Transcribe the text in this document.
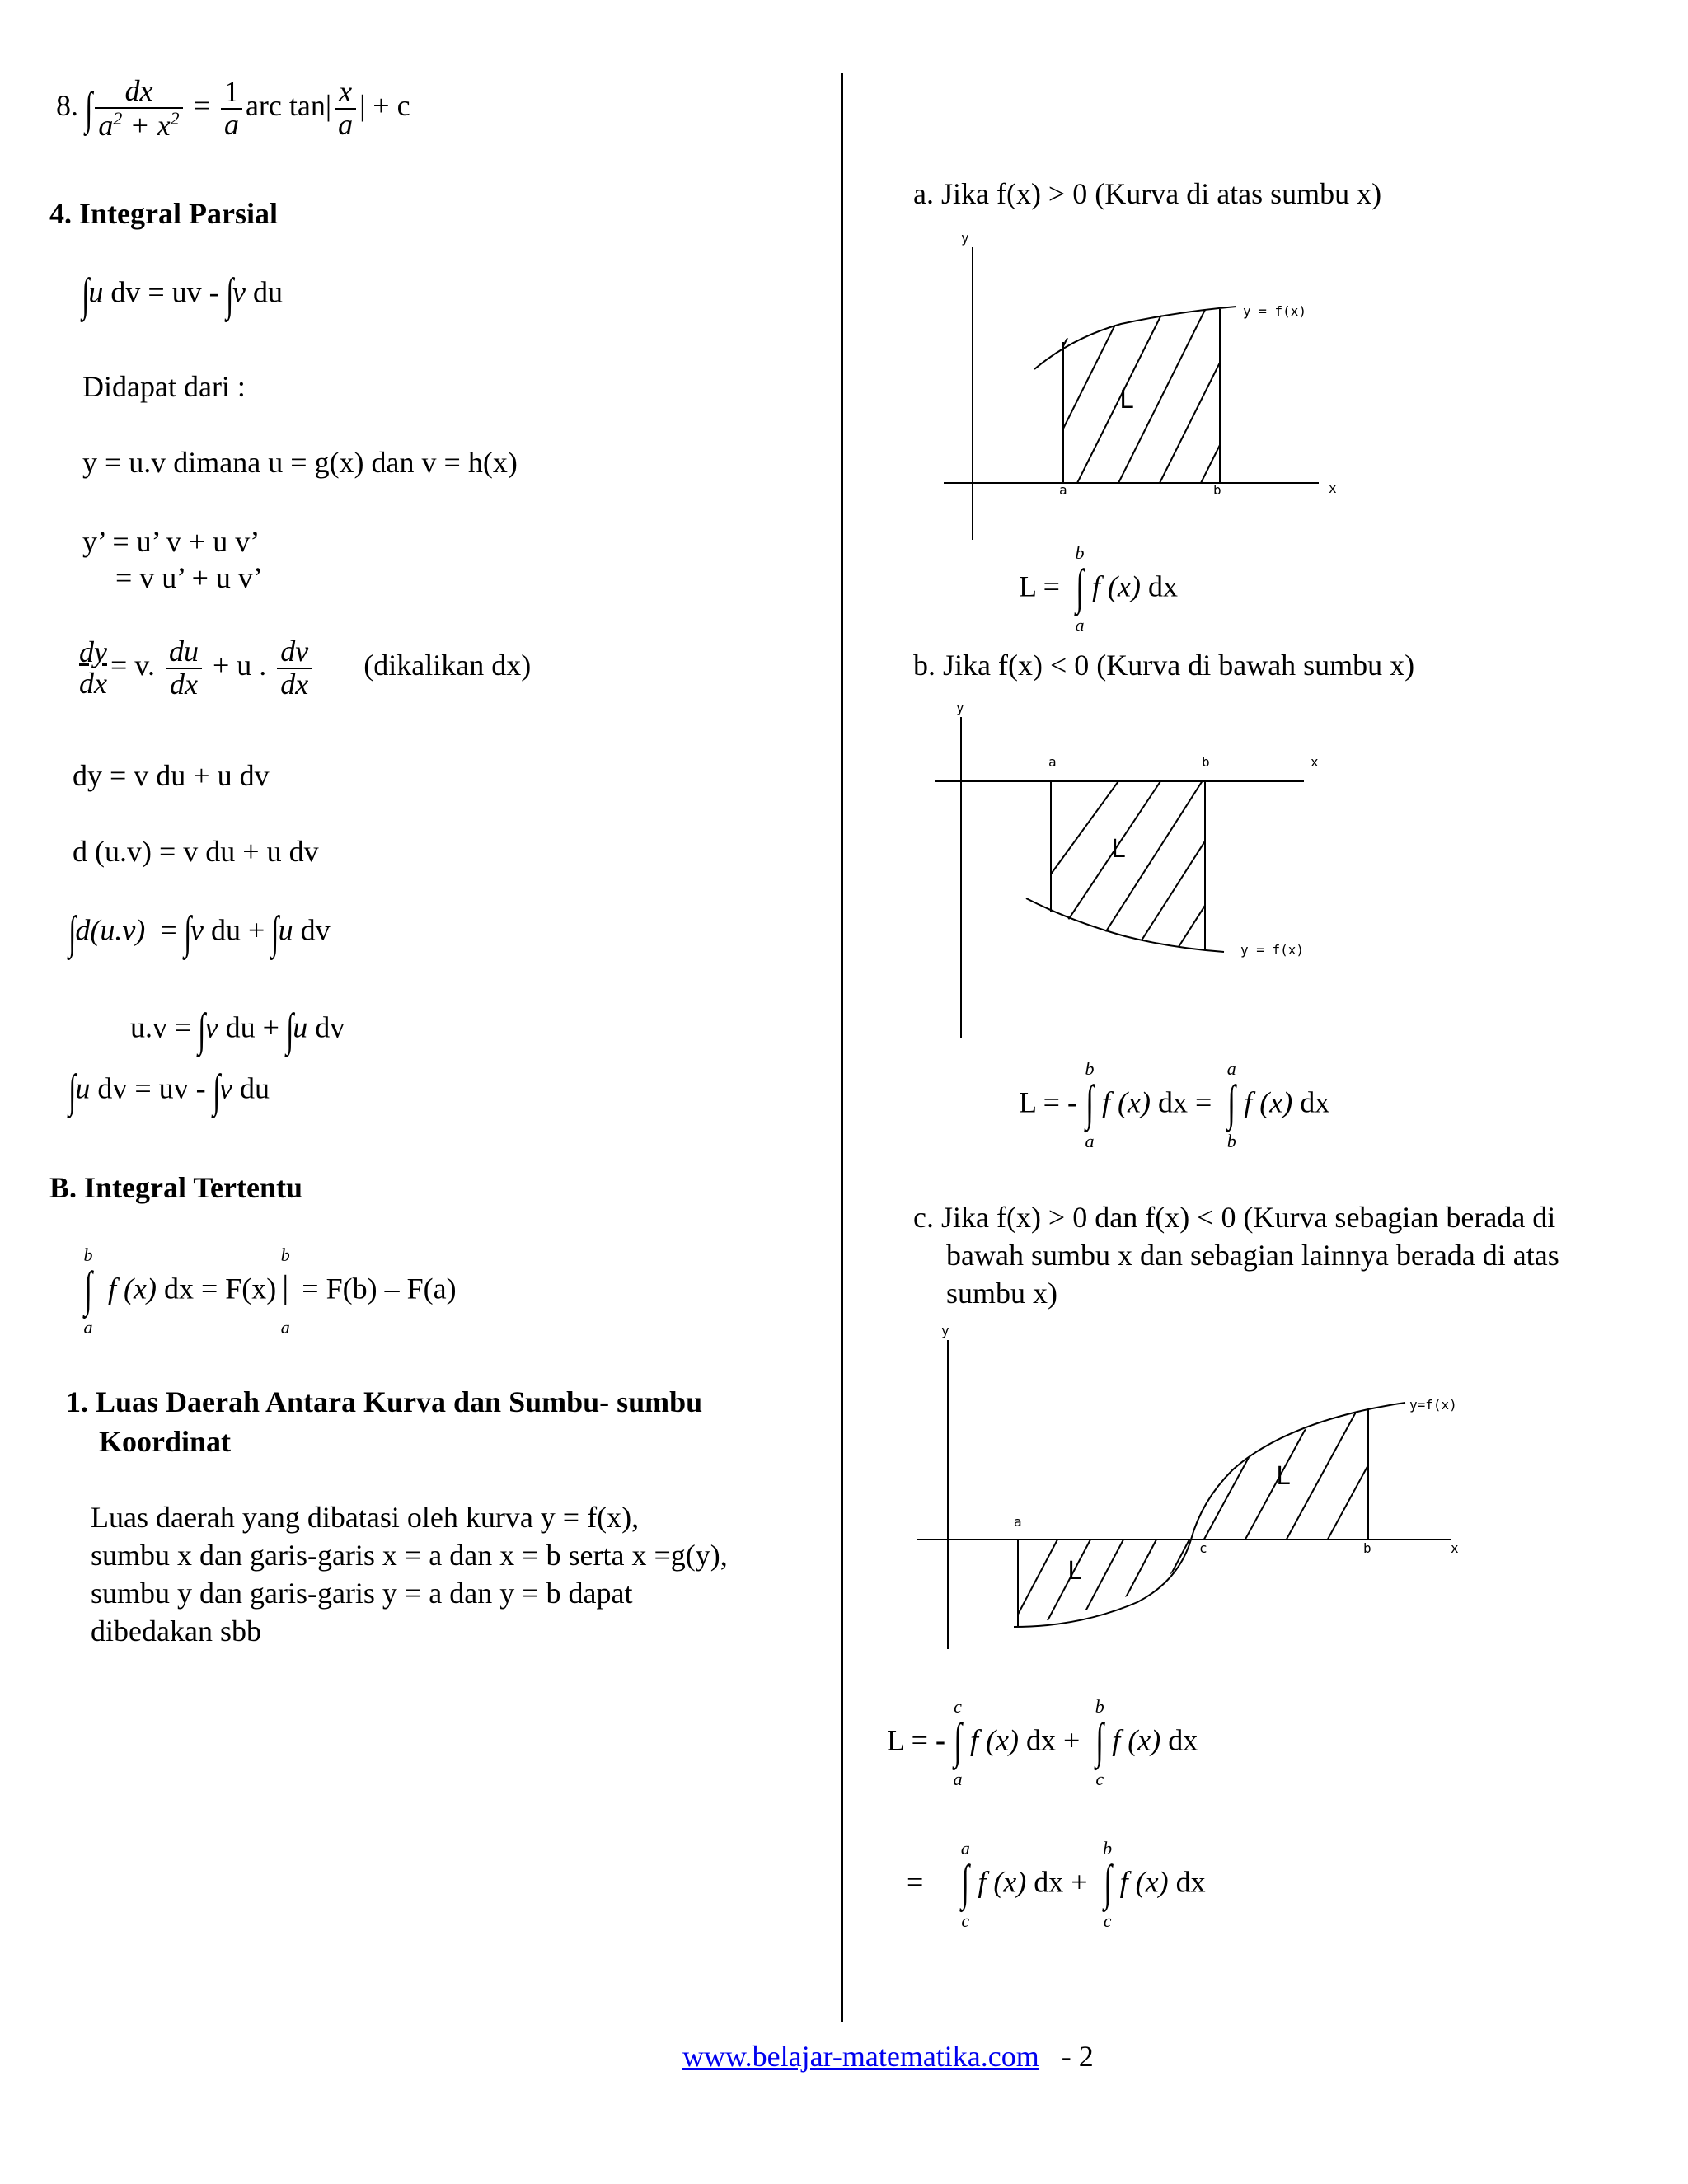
8. ∫ $\frac{dx}{a^2 + x^2} = \frac{1}{a}$ arc $\tan| \frac{x}{a}$ | + c
4. Integral Parsial
∫u dv = uv - ∫v du
Didapat dari :
y = u.v dimana u = g(x) dan v = h(x)
y’ = u’ v + u v’
= v u’ + u v’
$\frac{dy}{dx} = v$. $\frac{du}{dx} + u$ . $\frac{dv}{dx}$ (dikalikan dx)
dy = v du + u dv
d (u.v) = v du + u dv
∫d(u.v) = ∫v du + ∫u dv
u.v = ∫v du + ∫u dv
∫u dv = uv - ∫v du
B. Integral Tertentu
b
∫
a
f (x) dx = F(x)
b
|
a
= F(b) – F(a)
1. Luas Daerah Antara Kurva dan Sumbu- sumbu
Koordinat
Luas daerah yang dibatasi oleh kurva y = f(x),
sumbu x dan garis-garis x = a dan x = b serta x =g(y),
sumbu y dan garis-garis y = a dan y = b dapat
dibedakan sbb
a. Jika f(x) > 0 (Kurva di atas sumbu x)
y
x
a	b
L
y = f(x)
L =
b
∫
a
f (x) dx
b. Jika f(x) < 0 (Kurva di bawah sumbu x)
y
x
a	b
L
y = f(x)
L = -
b
∫
a
f (x) dx =
a
∫
b
f (x) dx
c. Jika f(x) > 0 dan f(x) < 0 (Kurva sebagian berada di
bawah sumbu x dan sebagian lainnya berada di atas
sumbu x)
y
x
a
c	b
L
L
y=f(x)
L = -
c
∫
a
f (x) dx +
b
∫
c
f (x) dx
=
a
∫
c
f (x) dx +
b
∫
c
f (x) dx
www.belajar-matematika.com - 2
